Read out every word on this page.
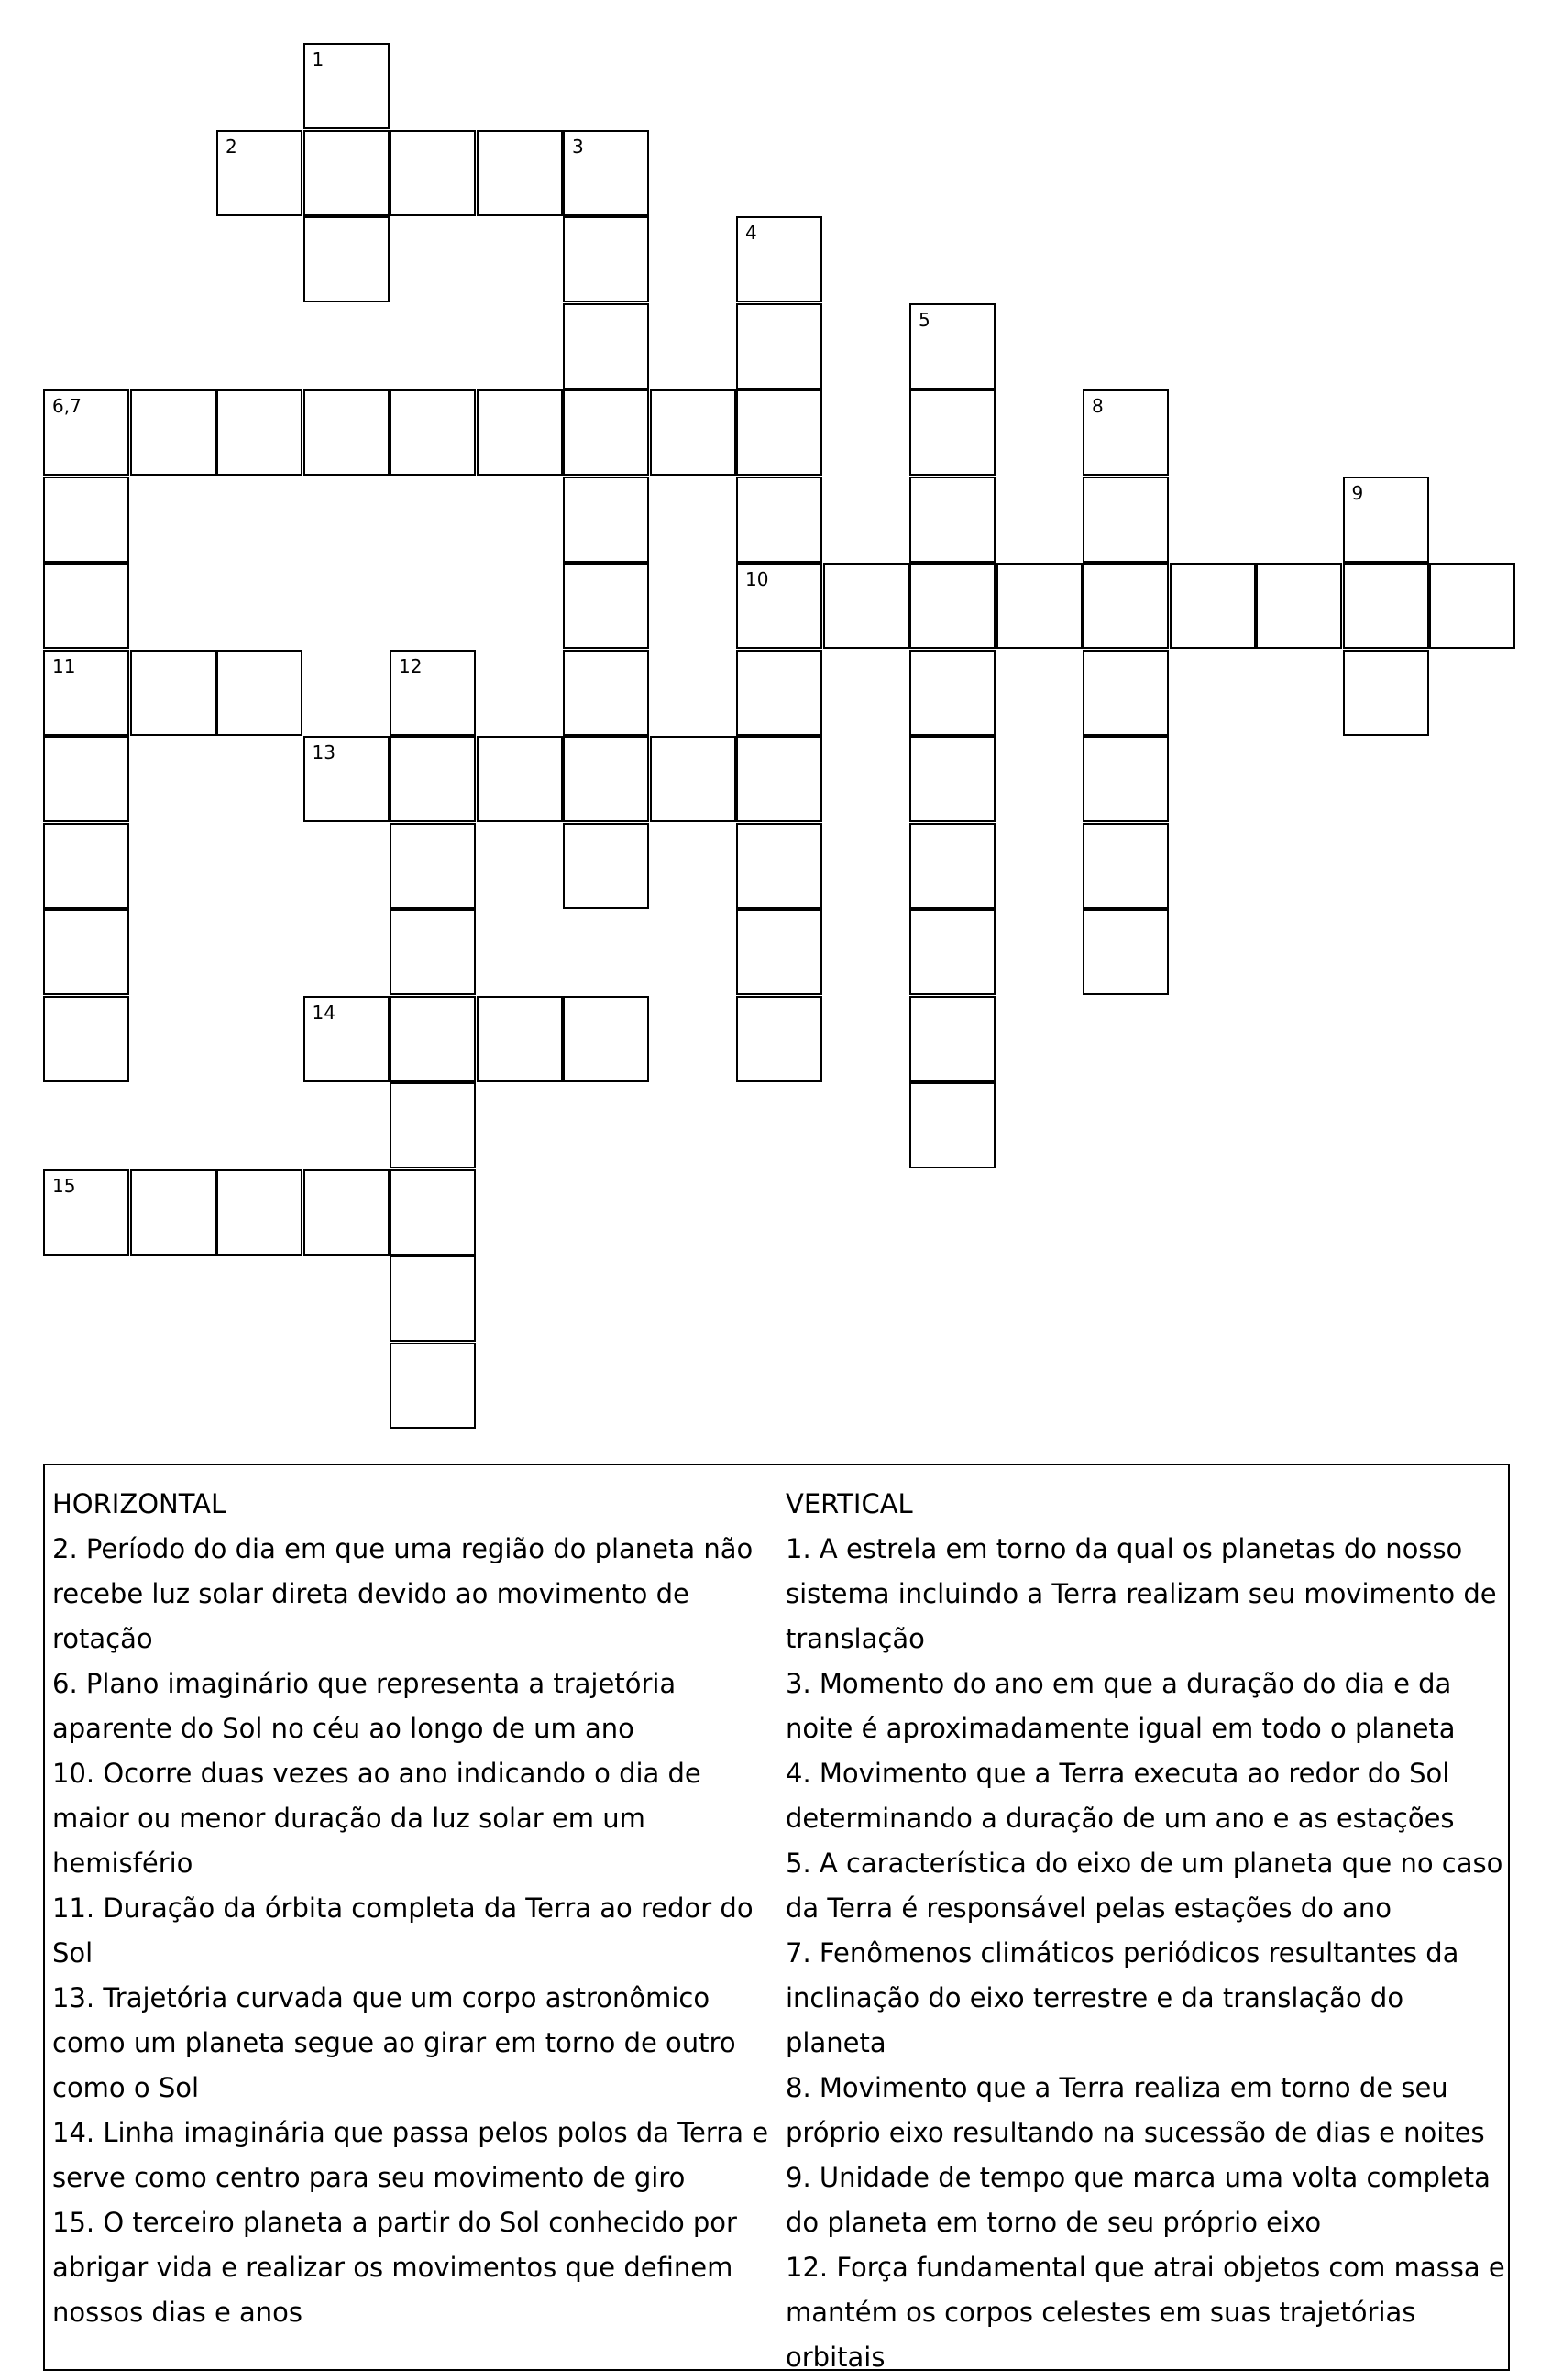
1
2	3
4
5
6,7	8
9
10
11	12
13
14
15
HORIZONTAL
2. Período do dia em que uma região do planeta não recebe luz solar direta devido ao movimento de rotação
6. Plano imaginário que representa a trajetória aparente do Sol no céu ao longo de um ano
10. Ocorre duas vezes ao ano indicando o dia de maior ou menor duração da luz solar em um hemisfério
11. Duração da órbita completa da Terra ao redor do Sol
13. Trajetória curvada que um corpo astronômico como um planeta segue ao girar em torno de outro como o Sol
14. Linha imaginária que passa pelos polos da Terra e serve como centro para seu movimento de giro
15. O terceiro planeta a partir do Sol conhecido por abrigar vida e realizar os movimentos que definem nossos dias e anos
VERTICAL
1. A estrela em torno da qual os planetas do nosso sistema incluindo a Terra realizam seu movimento de translação
3. Momento do ano em que a duração do dia e da noite é aproximadamente igual em todo o planeta
4. Movimento que a Terra executa ao redor do Sol determinando a duração de um ano e as estações
5. A característica do eixo de um planeta que no caso da Terra é responsável pelas estações do ano
7. Fenômenos climáticos periódicos resultantes da inclinação do eixo terrestre e da translação do planeta
8. Movimento que a Terra realiza em torno de seu próprio eixo resultando na sucessão de dias e noites
9. Unidade de tempo que marca uma volta completa do planeta em torno de seu próprio eixo
12. Força fundamental que atrai objetos com massa e mantém os corpos celestes em suas trajetórias orbitais
